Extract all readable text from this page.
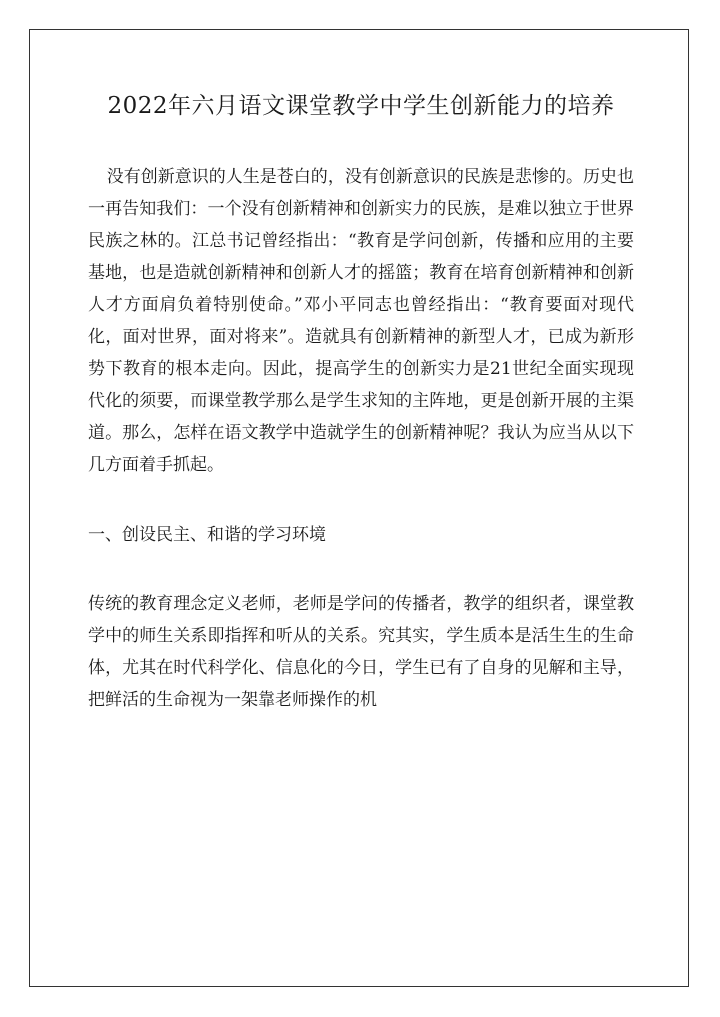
2022年六月语文课堂教学中学生创新能力的培养

没有创新意识的人生是苍白的，没有创新意识的民族是悲惨的。历史也一再告知我们：一个没有创新精神和创新实力的民族，是难以独立于世界民族之林的。江总书记曾经指出：“教育是学问创新，传播和应用的主要基地，也是造就创新精神和创新人才的摇篮；教育在培育创新精神和创新人才方面肩负着特别使命。”邓小平同志也曾经指出：“教育要面对现代化，面对世界，面对将来”。造就具有创新精神的新型人才，已成为新形势下教育的根本走向。因此，提高学生的创新实力是21世纪全面实现现代化的须要，而课堂教学那么是学生求知的主阵地，更是创新开展的主渠道。那么，怎样在语文教学中造就学生的创新精神呢？我认为应当从以下几方面着手抓起。

一、创设民主、和谐的学习环境

传统的教育理念定义老师，老师是学问的传播者，教学的组织者，课堂教学中的师生关系即指挥和听从的关系。究其实，学生质本是活生生的生命体，尤其在时代科学化、信息化的今日，学生已有了自身的见解和主导，把鲜活的生命视为一架靠老师操作的机
